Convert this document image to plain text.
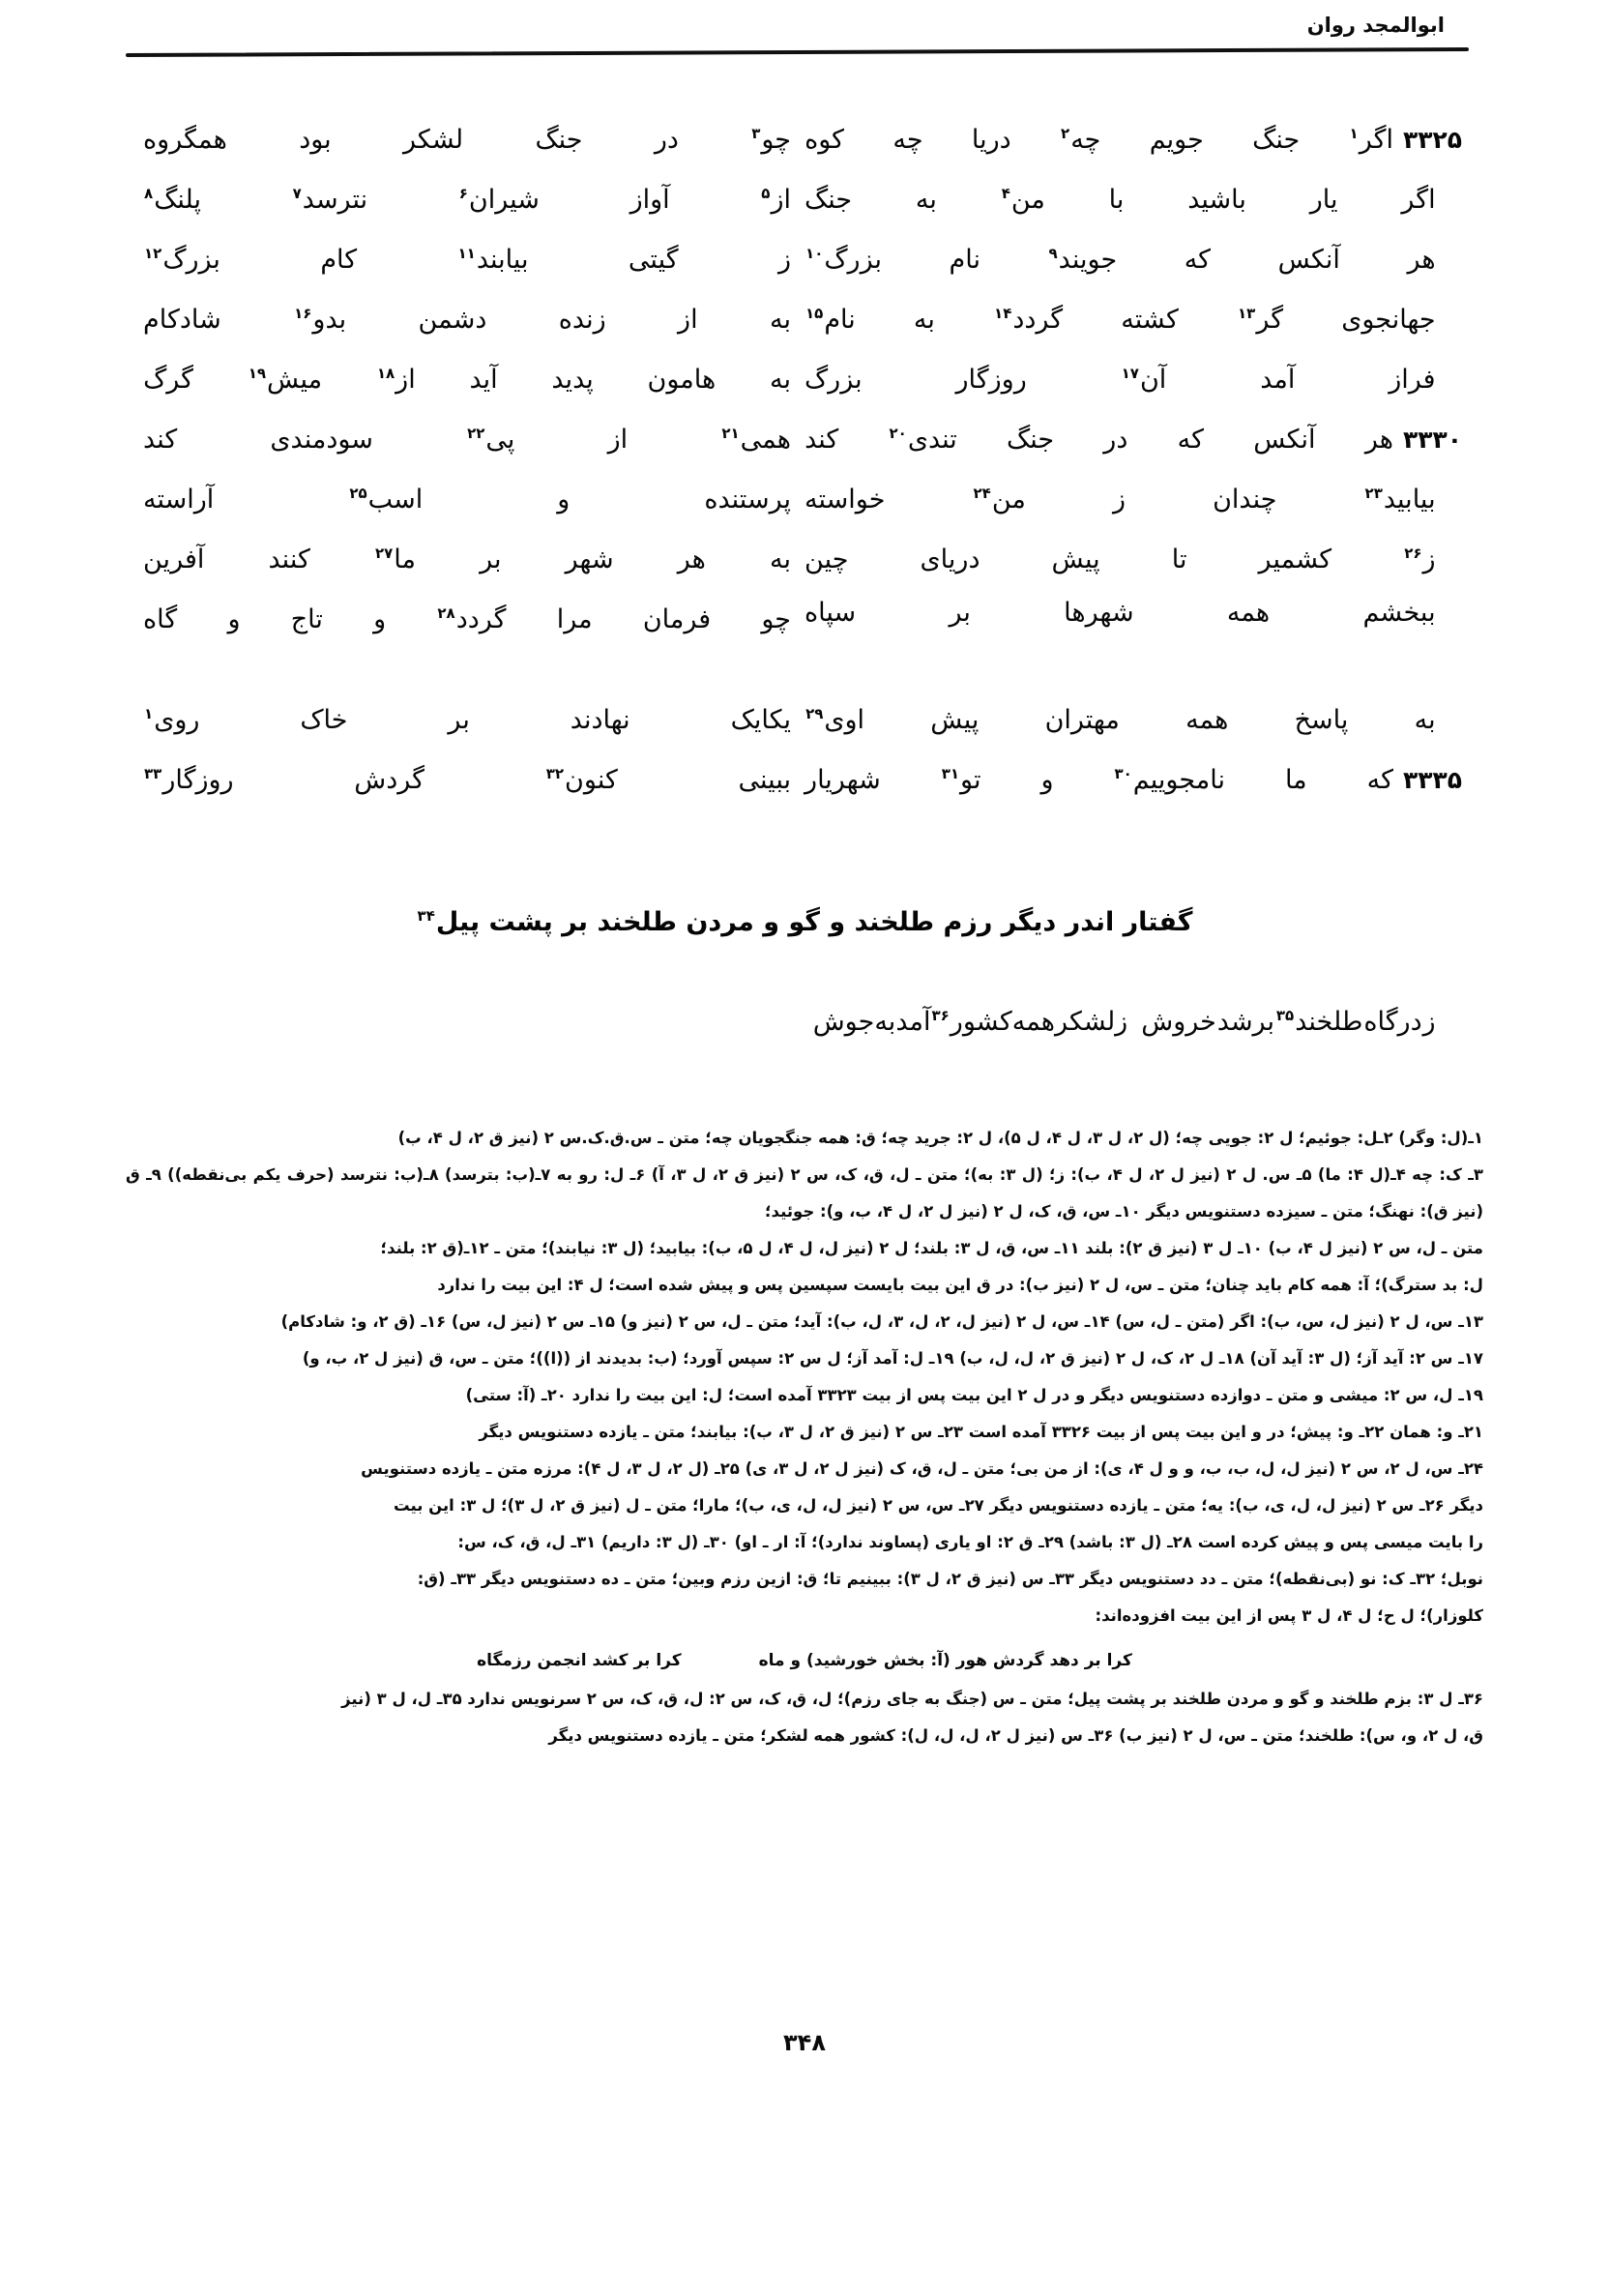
ابوالمجد روان
۳۳۲۵
اگر$^۱$
جنگ
جویم
چه$^۲$
دریا
چه
کوه
چو$^۳$
در
جنگ
لشکر
بود
همگروه
اگر
یار
باشید
با
من$^۴$
به
جنگ
از$^۵$
آواز
شیران$^۶$
نترسد$^۷$
پلنگ$^۸$
هر
آنکس
که
جویند$^۹$
نام
بزرگ$^{۱۰}$
ز
گیتی
بیابند$^{۱۱}$
کام
بزرگ$^{۱۲}$
جهانجوی
گر$^{۱۳}$
کشته
گردد$^{۱۴}$
به
نام$^{۱۵}$
به
از
زنده
دشمن
بدو$^{۱۶}$
شادکام
فراز
آمد
آن$^{۱۷}$
روزگار
بزرگ
به
هامون
پدید
آید
از$^{۱۸}$
میش$^{۱۹}$
گرگ
۳۳۳۰
هر
آنکس
که
در
جنگ
تندی$^{۲۰}$
کند
همی$^{۲۱}$
از
پی$^{۲۲}$
سودمندی
کند
بیابید$^{۲۳}$
چندان
ز
من$^{۲۴}$
خواسته
پرستنده
و
اسب$^{۲۵}$
آراسته
ز$^{۲۶}$
کشمیر
تا
پیش
دریای
چین
به
هر
شهر
بر
ما$^{۲۷}$
کنند
آفرین
ببخشم
همه
شهرها
بر
سپاه
چو
فرمان
مرا
گردد$^{۲۸}$
و
تاج
و
گاه
به
پاسخ
همه
مهتران
پیش
اوی$^{۲۹}$
یکایک
نهادند
بر
خاک
روی$^۱$
۳۳۳۵
که
ما
نامجوییم$^{۳۰}$
و
تو$^{۳۱}$
شهریار
ببینی
کنون$^{۳۲}$
گردش
روزگار$^{۳۳}$
گفتار اندر دیگر رزم طلخند و گو و مردن طلخند بر پشت پیل$^{۳۴}$
ز
درگاه
طلخند$^{۳۵}$
برشد
خروش
ز
لشکر
همه
کشور$^{۳۶}$
آمد
به
جوش

۱ـ(ل: وگر) ۲ـل: جوئیم؛ ل ۲: جویی چه؛ (ل ۲، ل ۳، ل ۴، ل ۵)، ل ۲: جرید چه؛ ق: همه جنگجویان چه؛ متن ـ س.ق.ک.س ۲ (نیز ق ۲، ل ۴، ب)

۳ـ ک: چه ۴ـ(ل ۴: ما) ۵ـ س. ل ۲ (نیز ل ۲، ل ۴، ب): ز؛ (ل ۳: به)؛ متن ـ ل، ق، ک، س ۲ (نیز ق ۲، ل ۳، آ) ۶ـ ل: رو به ۷ـ(ب: بترسد) ۸ـ(ب: نترسد (حرف یکم بی‌نقطه)) ۹ـ ق (نیز ق): نهنگ؛ متن ـ سیزده دستنویس دیگر ۱۰ـ س، ق، ک، ل ۲ (نیز ل ۲، ل ۴، ب، و): جوئید؛

متن ـ ل، س ۲ (نیز ل ۴، ب) ۱۰ـ ل ۳ (نیز ق ۲): بلند ۱۱ـ س، ق، ل ۳: بلند؛ ل ۲ (نیز ل، ل ۴، ل ۵، ب): بیابید؛ (ل ۳: نیابند)؛ متن ـ ۱۲ـ(ق ۲: بلند؛

ل: بد سترگ)؛ آ: همه کام باید چنان؛ متن ـ س، ل ۲ (نیز ب): در ق این بیت بایست سپسین پس و پیش شده است؛ ل ۴: این بیت را ندارد

۱۳ـ س، ل ۲ (نیز ل، س، ب): اگر (متن ـ ل، س) ۱۴ـ س، ل ۲ (نیز ل، ۲، ل، ۳، ل، ب): آید؛ متن ـ ل، س ۲ (نیز و) ۱۵ـ س ۲ (نیز ل، س) ۱۶ـ (ق ۲، و: شادکام)

۱۷ـ س ۲: آید آز؛ (ل ۳: آید آن) ۱۸ـ ل ۲، ک، ل ۲ (نیز ق ۲، ل، ل، ب) ۱۹ـ ل: آمد آز؛ ل س ۲: سپس آورد؛ (ب: بدیدند از ((ا))؛ متن ـ س، ق (نیز ل ۲، ب، و)

۱۹ـ ل، س ۲: میشی و متن ـ دوازده دستنویس دیگر و در ل ۲ این بیت پس از بیت ۳۳۲۳ آمده است؛ ل: این بیت را ندارد ۲۰ـ (آ: ستی)

۲۱ـ و: همان ۲۲ـ و: پیش؛ در و این بیت پس از بیت ۳۳۲۶ آمده است ۲۳ـ س ۲ (نیز ق ۲، ل ۳، ب): بیابند؛ متن ـ یازده دستنویس دیگر

۲۴ـ س، ل ۲، س ۲ (نیز ل، ل، ب، ب، و و ل ۴، ی): از من بی؛ متن ـ ل، ق، ک (نیز ل ۲، ل ۳، ی) ۲۵ـ (ل ۲، ل ۳، ل ۴): مرزه متن ـ یازده دستنویس

دیگر ۲۶ـ س ۲ (نیز ل، ل، ی، ب): یه؛ متن ـ یازده دستنویس دیگر ۲۷ـ س، س ۲ (نیز ل، ل، ی، ب)؛ مارا؛ متن ـ ل (نیز ق ۲، ل ۳)؛ ل ۳: این بیت

را بایت میسی پس و پیش کرده است ۲۸ـ (ل ۳: باشد) ۲۹ـ ق ۲: او یاری (پساوند ندارد)؛ آ: ار ـ او) ۳۰ـ (ل ۳: داریم) ۳۱ـ ل، ق، ک، س:

نوبل؛ ۳۲ـ ک: نو (بی‌نقطه)؛ متن ـ دد دستنویس دیگر ۳۳ـ س (نیز ق ۲، ل ۳): ببینیم تا؛ ق: ازین رزم وبین؛ متن ـ ده دستنویس دیگر ۳۳ـ (ق:

کلوزار)؛ ل ح؛ ل ۴، ل ۳ پس از این بیت افزوده‌اند:

کرا بر دهد گردش هور (آ: بخش خورشید) و ماه
کرا بر کشد انجمن رزمگاه

۳۶ـ ل ۳: بزم طلخند و گو و مردن طلخند بر پشت پیل؛ متن ـ س (جنگ به جای رزم)؛ ل، ق، ک، س ۲: ل، ق، ک، س ۲ سرنویس ندارد ۳۵ـ ل، ل ۳ (نیز

ق، ل ۲، و، س): طلخند؛ متن ـ س، ل ۲ (نیز ب) ۳۶ـ س (نیز ل ۲، ل، ل، ل): کشور همه لشکر؛ متن ـ یازده دستنویس دیگر

۳۴۸
